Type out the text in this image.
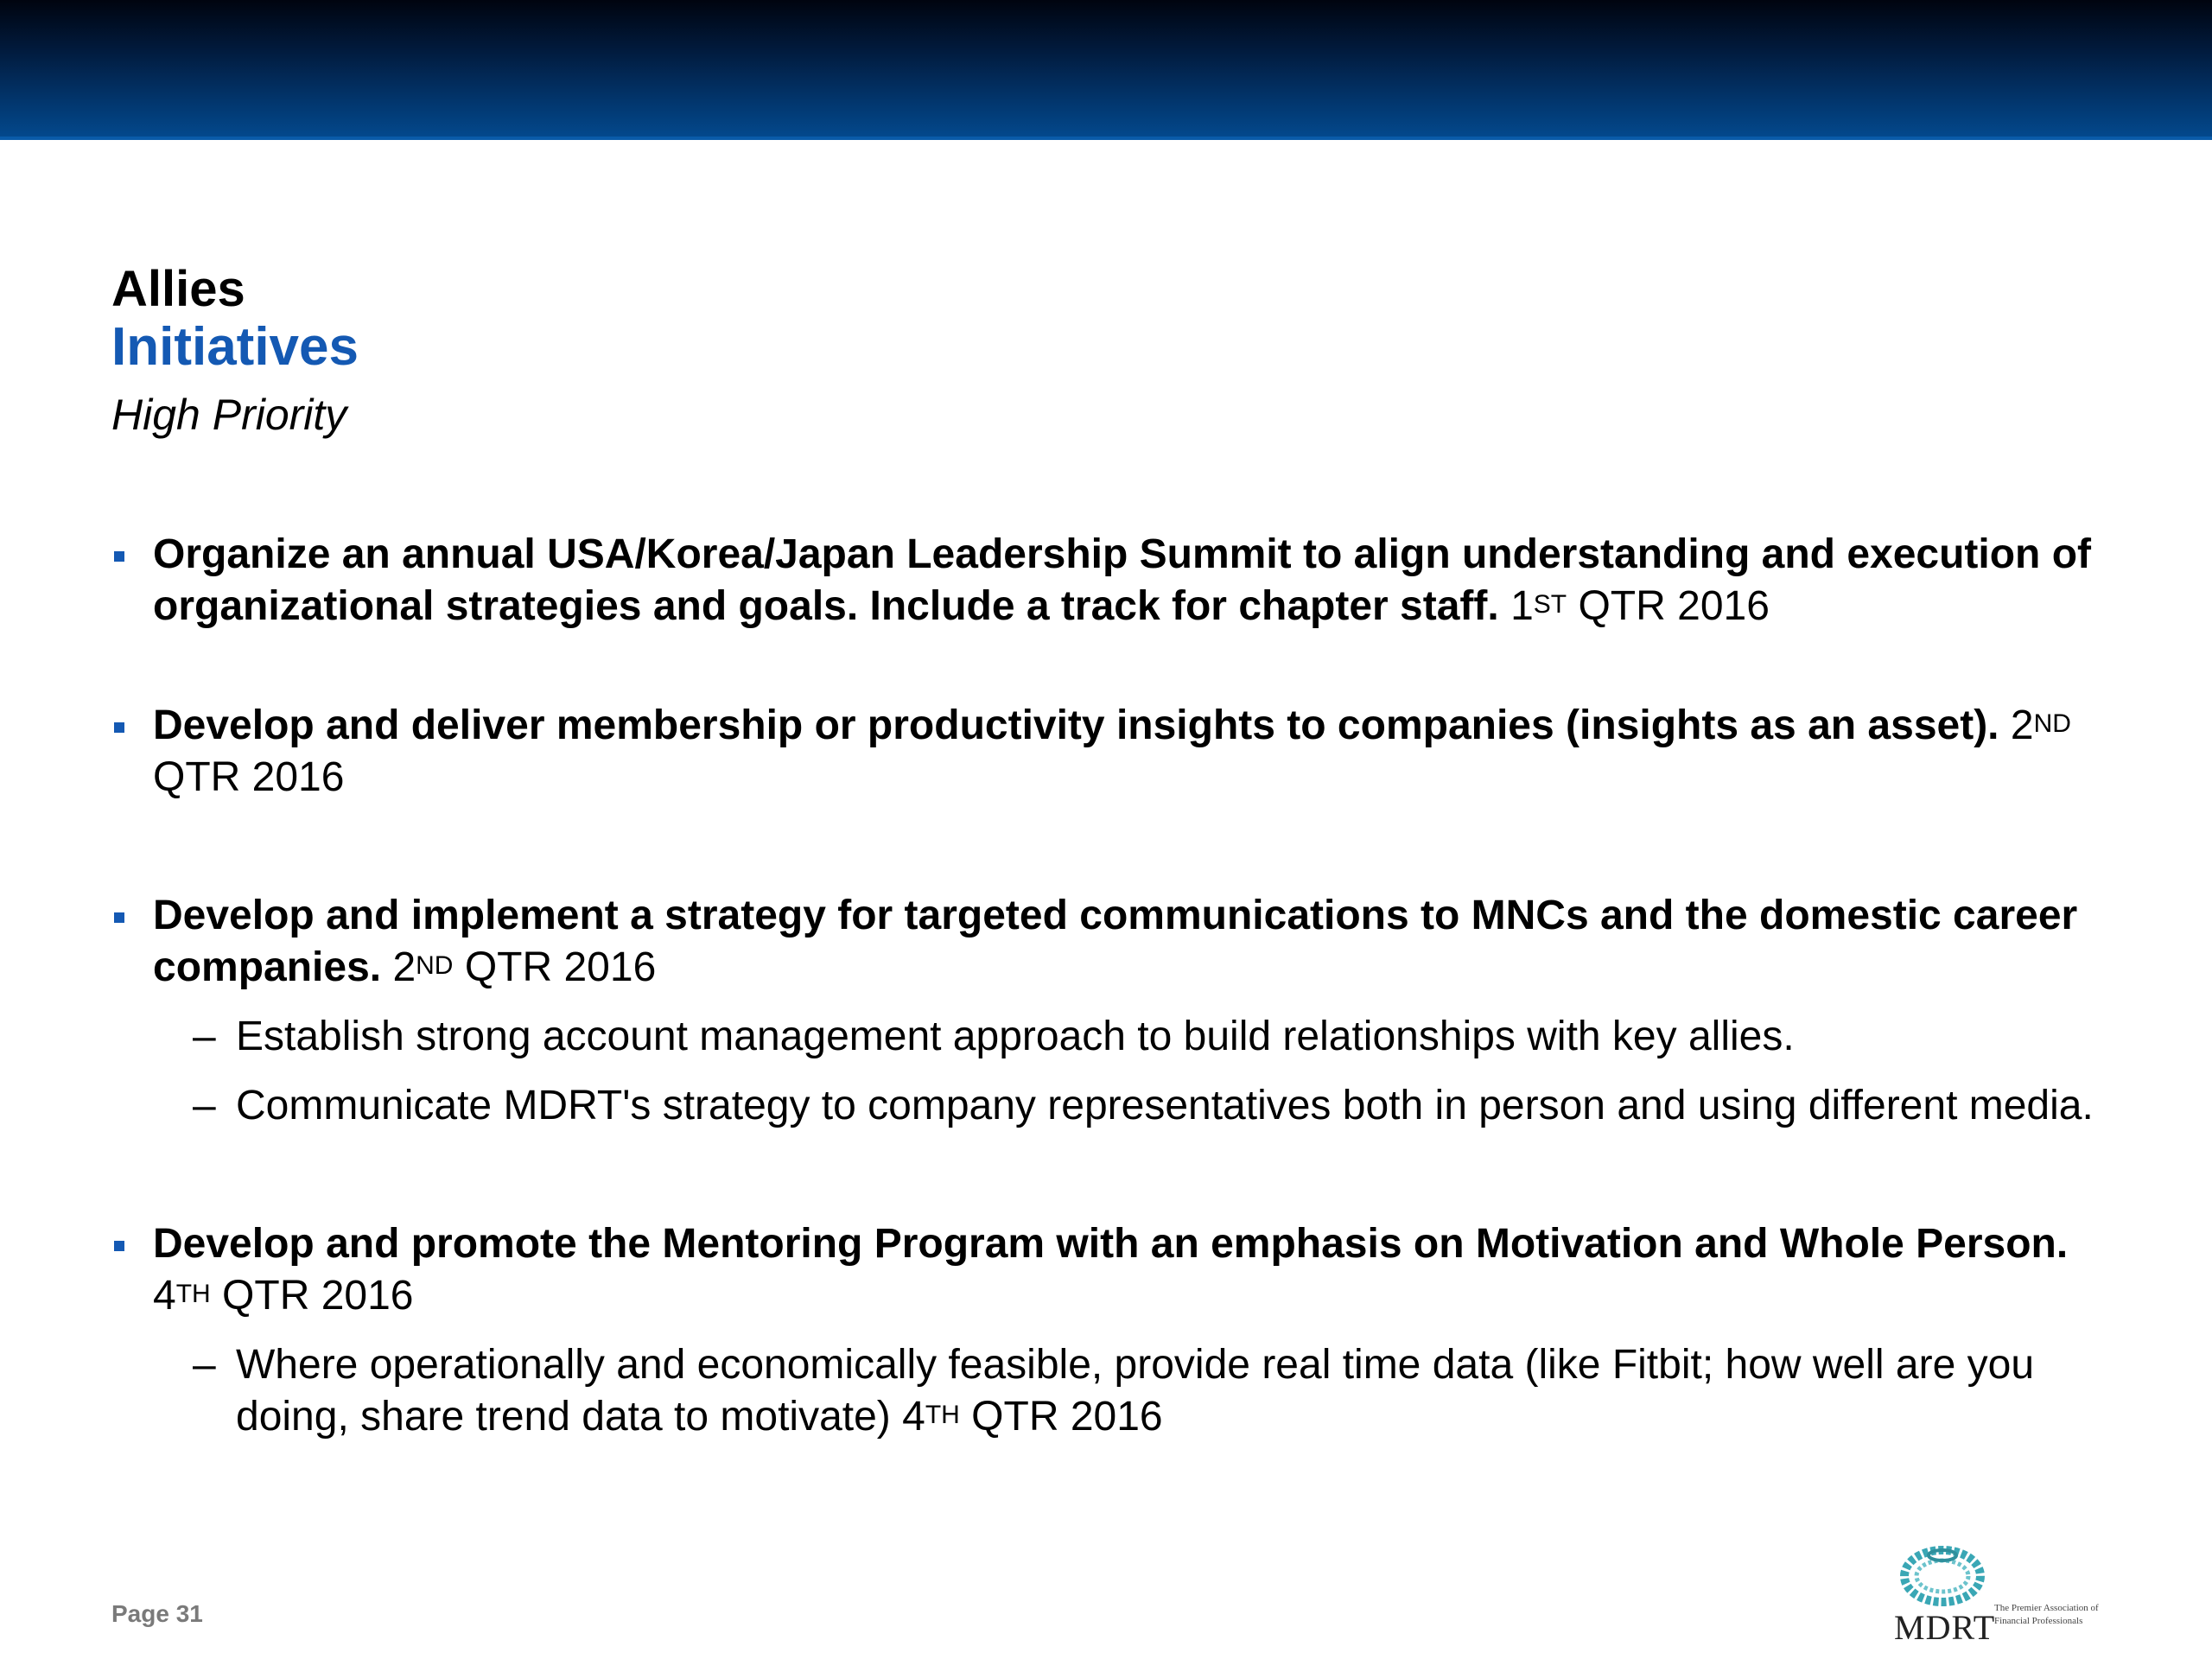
Allies
Initiatives
High Priority
Organize an annual USA/Korea/Japan Leadership Summit to align understanding and execution of organizational strategies and goals. Include a track for chapter staff. 1ST QTR 2016
Develop and deliver membership or productivity insights to companies (insights as an asset). 2ND QTR 2016
Develop and implement a strategy for targeted communications to MNCs and the domestic career companies. 2ND QTR 2016
– Establish strong account management approach to build relationships with key allies.
– Communicate MDRT's strategy to company representatives both in person and using different media.
Develop and promote the Mentoring Program with an emphasis on Motivation and Whole Person. 4TH QTR 2016
– Where operationally and economically feasible, provide real time data (like Fitbit; how well are you doing, share trend data to motivate) 4TH QTR 2016
Page 31	MDRT
The Premier Association of Financial Professionals
